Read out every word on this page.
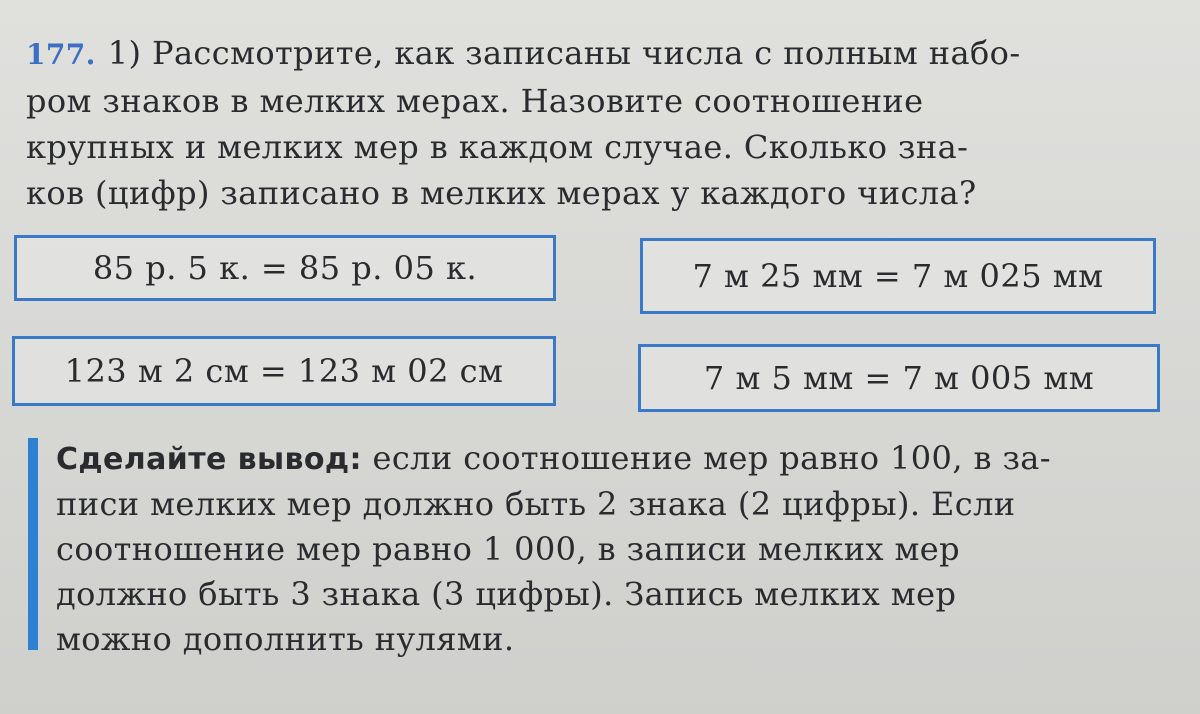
177. 1) Рассмотрите, как записаны числа с полным набо-
ром знаков в мелких мерах. Назовите соотношение
крупных и мелких мер в каждом случае. Сколько зна-
ков (цифр) записано в мелких мерах у каждого числа?
85 р. 5 к. = 85 р. 05 к.	7 м 25 мм = 7 м 025 мм
123 м 2 см = 123 м 02 см	7 м 5 мм = 7 м 005 мм
Сделайте вывод: если соотношение мер равно 100, в за-
писи мелких мер должно быть 2 знака (2 цифры). Если
соотношение мер равно 1 000, в записи мелких мер
должно быть 3 знака (3 цифры). Запись мелких мер
можно дополнить нулями.
